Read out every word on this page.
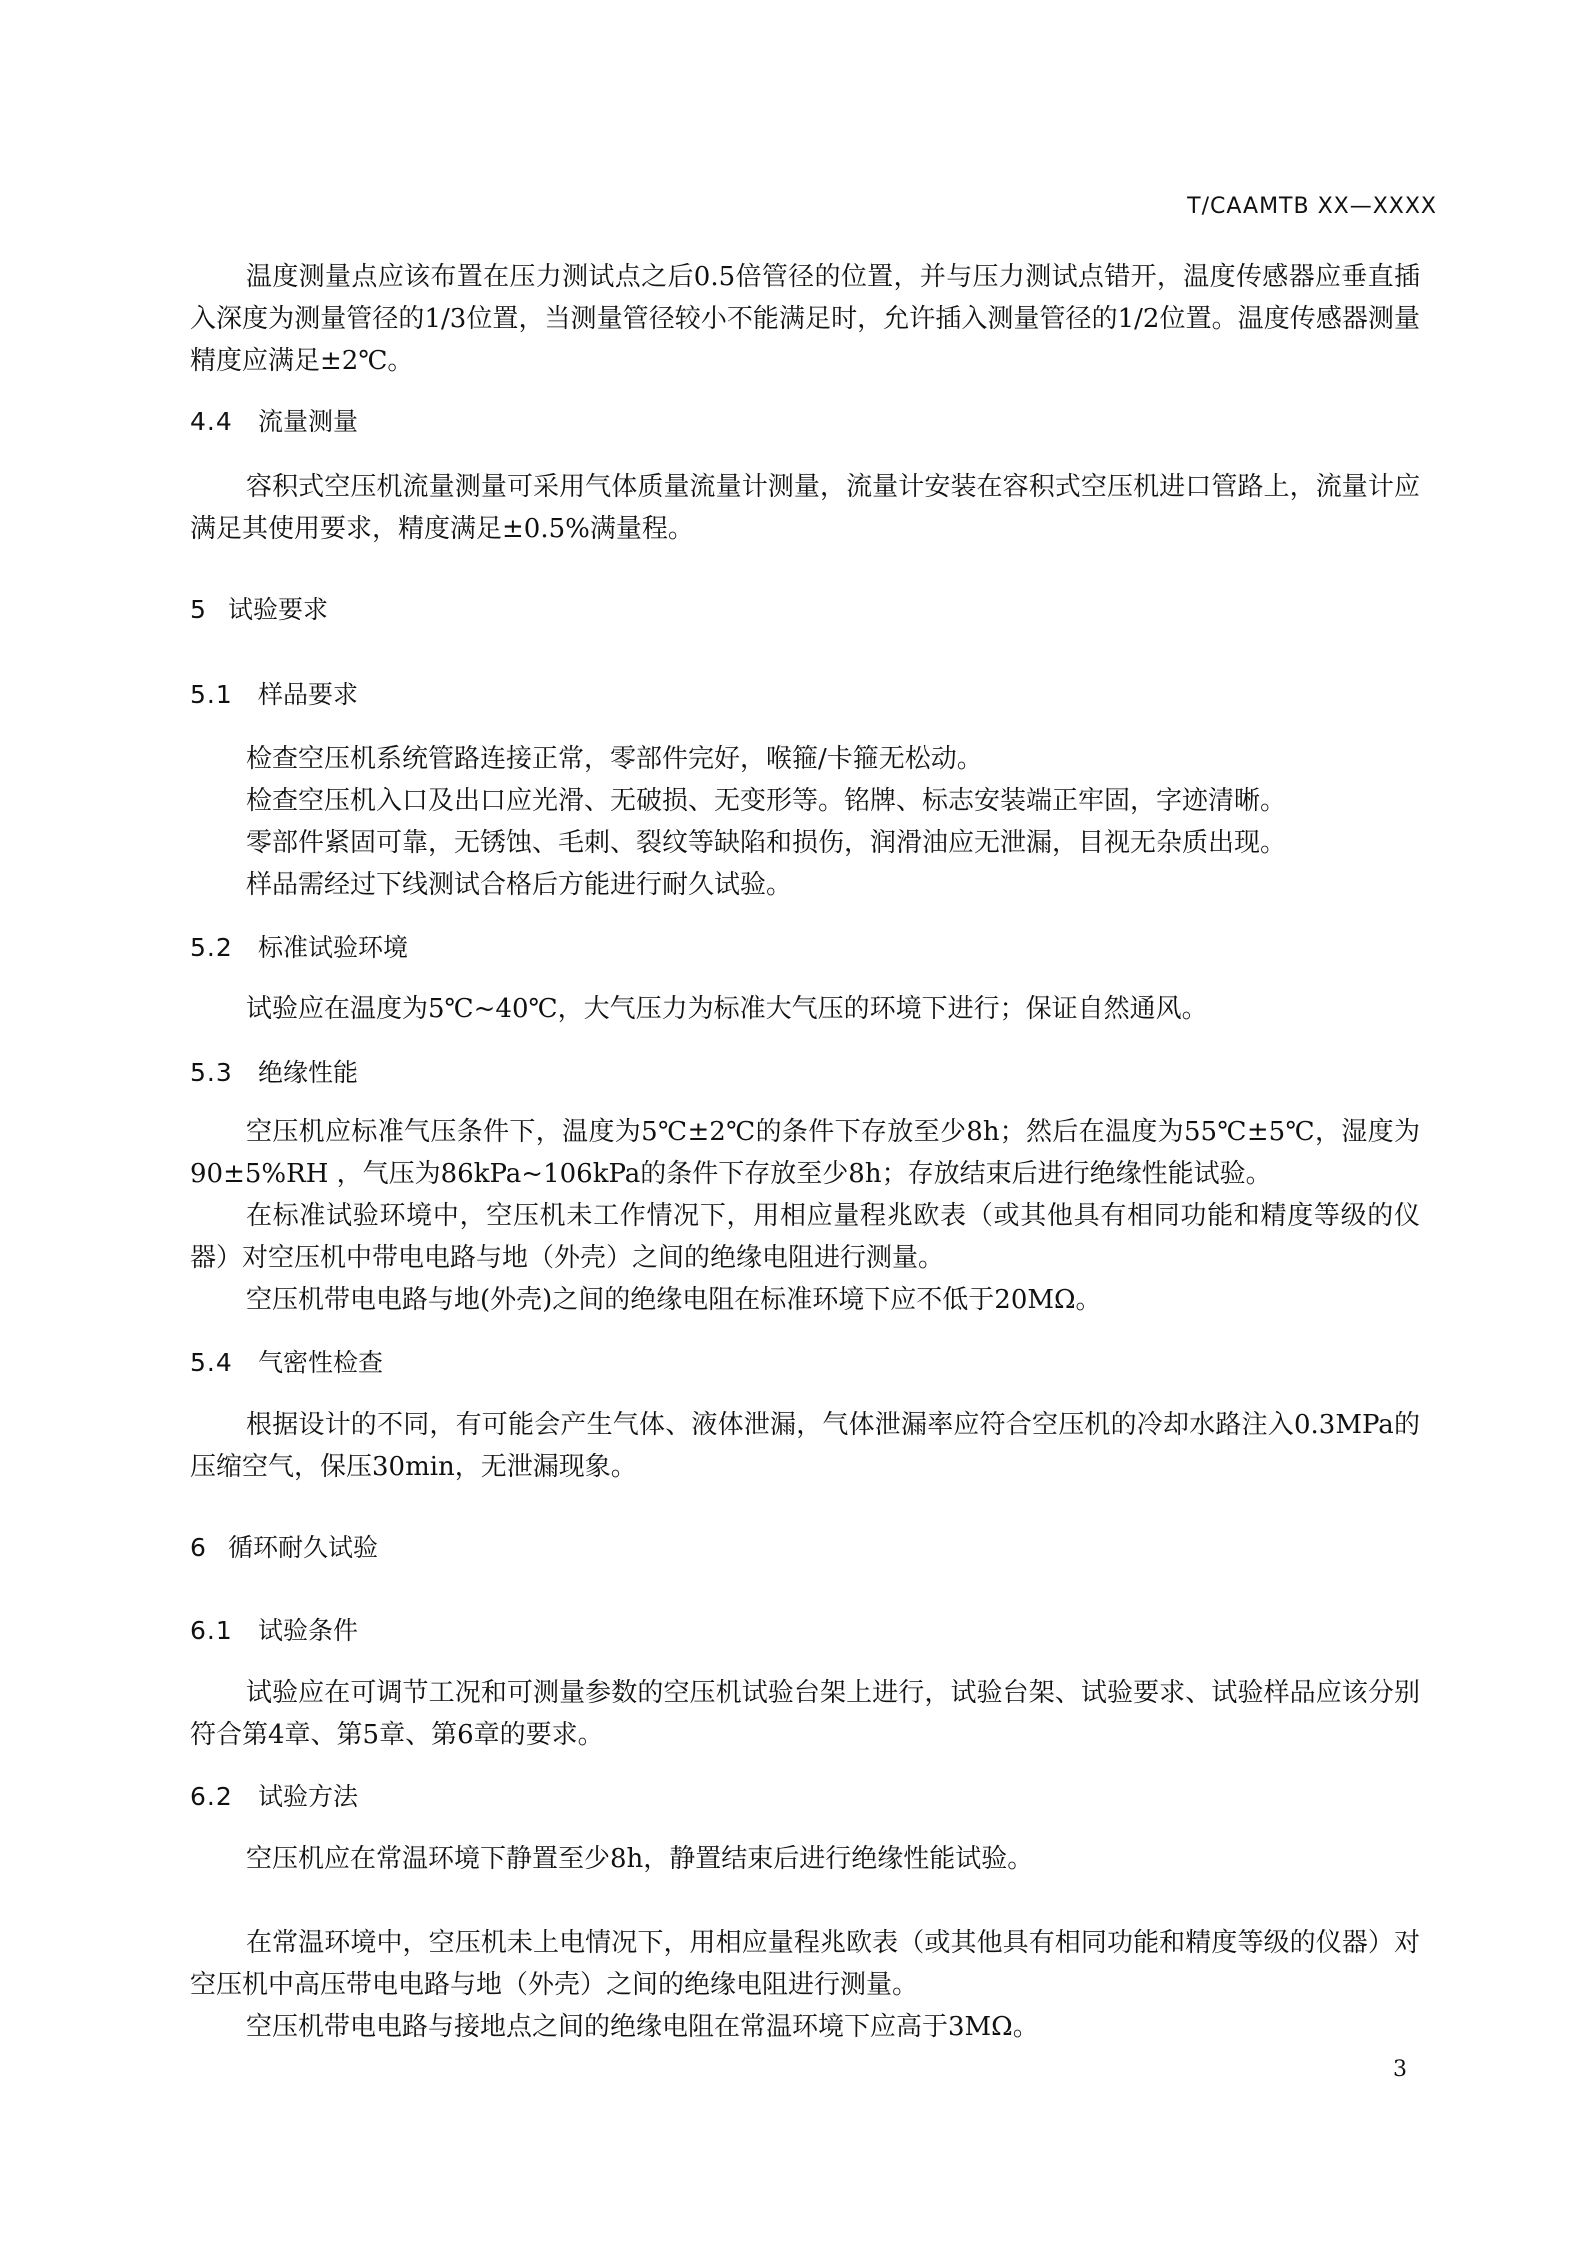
T/CAAMTB XX—XXXX

温度测量点应该布置在压力测试点之后0.5倍管径的位置，并与压力测试点错开，温度传感器应垂直插入深度为测量管径的1/3位置，当测量管径较小不能满足时，允许插入测量管径的1/2位置。温度传感器测量精度应满足±2℃。

4.4 流量测量

容积式空压机流量测量可采用气体质量流量计测量，流量计安装在容积式空压机进口管路上，流量计应满足其使用要求，精度满足±0.5%满量程。

5 试验要求
5.1 样品要求

检查空压机系统管路连接正常，零部件完好，喉箍/卡箍无松动。

检查空压机入口及出口应光滑、无破损、无变形等。铭牌、标志安装端正牢固，字迹清晰。

零部件紧固可靠，无锈蚀、毛刺、裂纹等缺陷和损伤，润滑油应无泄漏，目视无杂质出现。

样品需经过下线测试合格后方能进行耐久试验。

5.2 标准试验环境

试验应在温度为5℃~40℃，大气压力为标准大气压的环境下进行；保证自然通风。

5.3 绝缘性能

空压机应标准气压条件下，温度为5℃±2℃的条件下存放至少8h；然后在温度为55℃±5℃，湿度为90±5%RH ，气压为86kPa~106kPa的条件下存放至少8h；存放结束后进行绝缘性能试验。

在标准试验环境中，空压机未工作情况下，用相应量程兆欧表（或其他具有相同功能和精度等级的仪器）对空压机中带电电路与地（外壳）之间的绝缘电阻进行测量。

空压机带电电路与地(外壳)之间的绝缘电阻在标准环境下应不低于20MΩ。

5.4 气密性检查

根据设计的不同，有可能会产生气体、液体泄漏，气体泄漏率应符合空压机的冷却水路注入0.3MPa的压缩空气，保压30min，无泄漏现象。

6 循环耐久试验
6.1 试验条件

试验应在可调节工况和可测量参数的空压机试验台架上进行，试验台架、试验要求、试验样品应该分别符合第4章、第5章、第6章的要求。

6.2 试验方法

空压机应在常温环境下静置至少8h，静置结束后进行绝缘性能试验。

在常温环境中，空压机未上电情况下，用相应量程兆欧表（或其他具有相同功能和精度等级的仪器）对空压机中高压带电电路与地（外壳）之间的绝缘电阻进行测量。

空压机带电电路与接地点之间的绝缘电阻在常温环境下应高于3MΩ。

3
